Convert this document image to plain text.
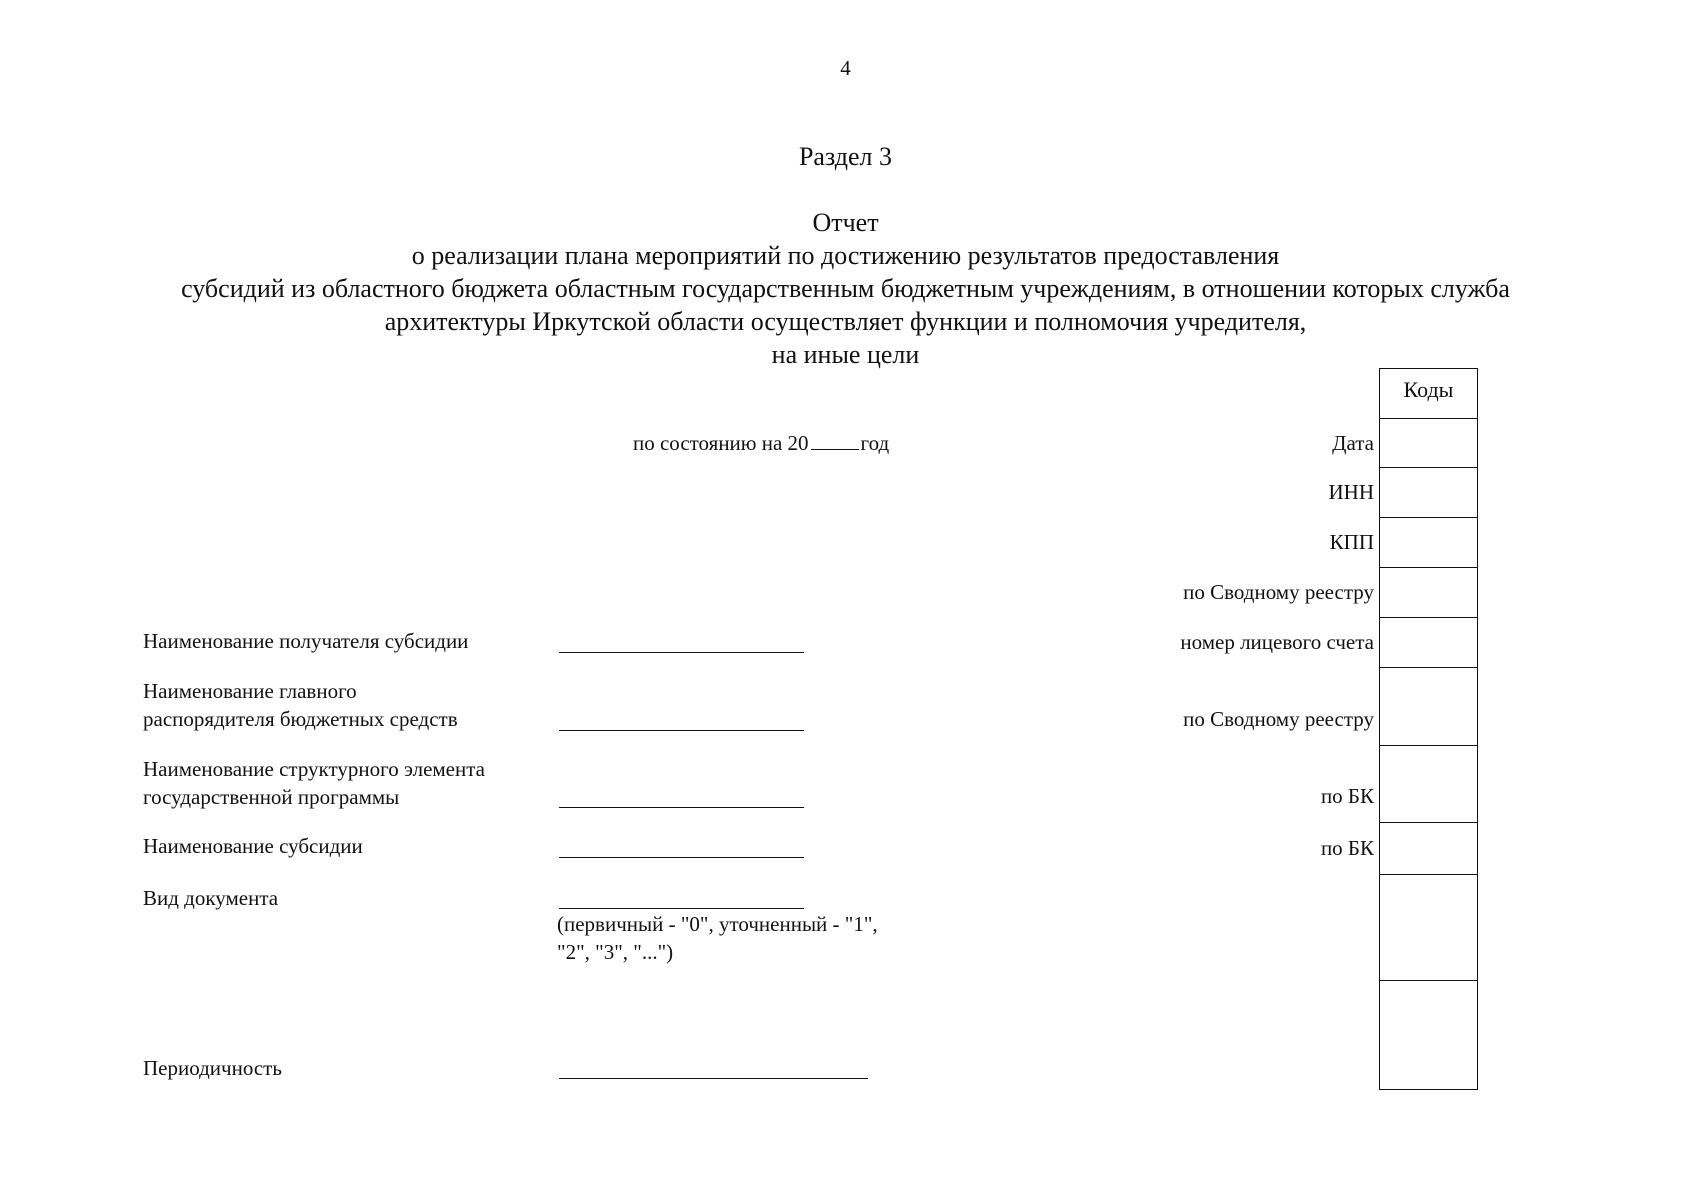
4
Раздел 3
Отчет
о реализации плана мероприятий по достижению результатов предоставления
субсидий из областного бюджета областным государственным бюджетным учреждениям, в отношении которых служба
архитектуры Иркутской области осуществляет функции и полномочия учредителя,
на иные цели
по состоянию на 20 год
Наименование получателя субсидии
Наименование главного
распорядителя бюджетных средств
Наименование структурного элемента
государственной программы
Наименование субсидии
Вид документа
(первичный - "0", уточненный - "1",
"2", "3", "...")
Периодичность
Дата
ИНН
КПП
по Сводному реестру
номер лицевого счета
по Сводному реестру
по БК
по БК
Коды
